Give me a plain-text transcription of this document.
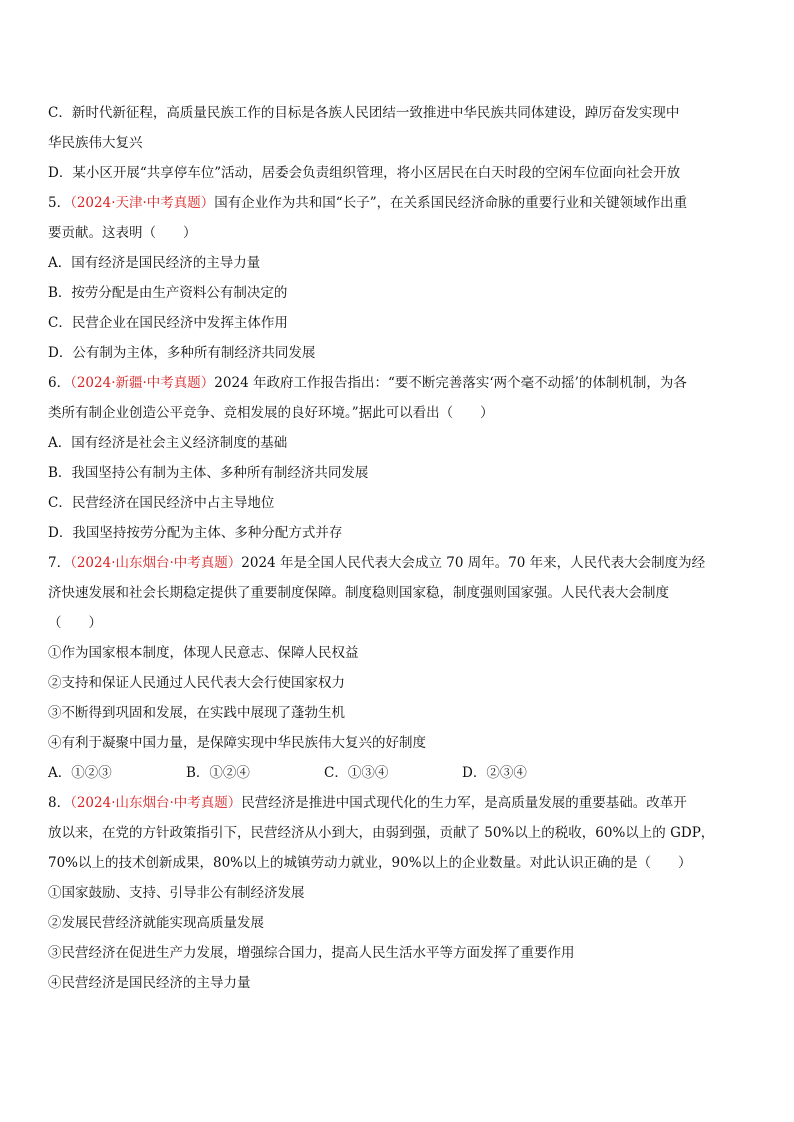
C．新时代新征程，高质量民族工作的目标是各族人民团结一致推进中华民族共同体建设，踔厉奋发实现中
华民族伟大复兴
D．某小区开展“共享停车位”活动，居委会负责组织管理，将小区居民在白天时段的空闲车位面向社会开放
5．（2024·天津·中考真题）国有企业作为共和国“长子”，在关系国民经济命脉的重要行业和关键领域作出重
要贡献。这表明（　　）
A．国有经济是国民经济的主导力量
B．按劳分配是由生产资料公有制决定的
C．民营企业在国民经济中发挥主体作用
D．公有制为主体，多种所有制经济共同发展
6．（2024·新疆·中考真题）2024 年政府工作报告指出：“要不断完善落实‘两个毫不动摇’的体制机制，为各
类所有制企业创造公平竞争、竞相发展的良好环境。”据此可以看出（　　）
A．国有经济是社会主义经济制度的基础
B．我国坚持公有制为主体、多种所有制经济共同发展
C．民营经济在国民经济中占主导地位
D．我国坚持按劳分配为主体、多种分配方式并存
7．（2024·山东烟台·中考真题）2024 年是全国人民代表大会成立 70 周年。70 年来，人民代表大会制度为经
济快速发展和社会长期稳定提供了重要制度保障。制度稳则国家稳，制度强则国家强。人民代表大会制度
（　　）
①作为国家根本制度，体现人民意志、保障人民权益
②支持和保证人民通过人民代表大会行使国家权力
③不断得到巩固和发展，在实践中展现了蓬勃生机
④有利于凝聚中国力量，是保障实现中华民族伟大复兴的好制度
A．①②③	B．①②④	C．①③④	D．②③④
8．（2024·山东烟台·中考真题）民营经济是推进中国式现代化的生力军，是高质量发展的重要基础。改革开
放以来，在党的方针政策指引下，民营经济从小到大，由弱到强，贡献了 50%以上的税收，60%以上的 GDP，
70%以上的技术创新成果，80%以上的城镇劳动力就业，90%以上的企业数量。对此认识正确的是（　　）
①国家鼓励、支持、引导非公有制经济发展
②发展民营经济就能实现高质量发展
③民营经济在促进生产力发展，增强综合国力，提高人民生活水平等方面发挥了重要作用
④民营经济是国民经济的主导力量
